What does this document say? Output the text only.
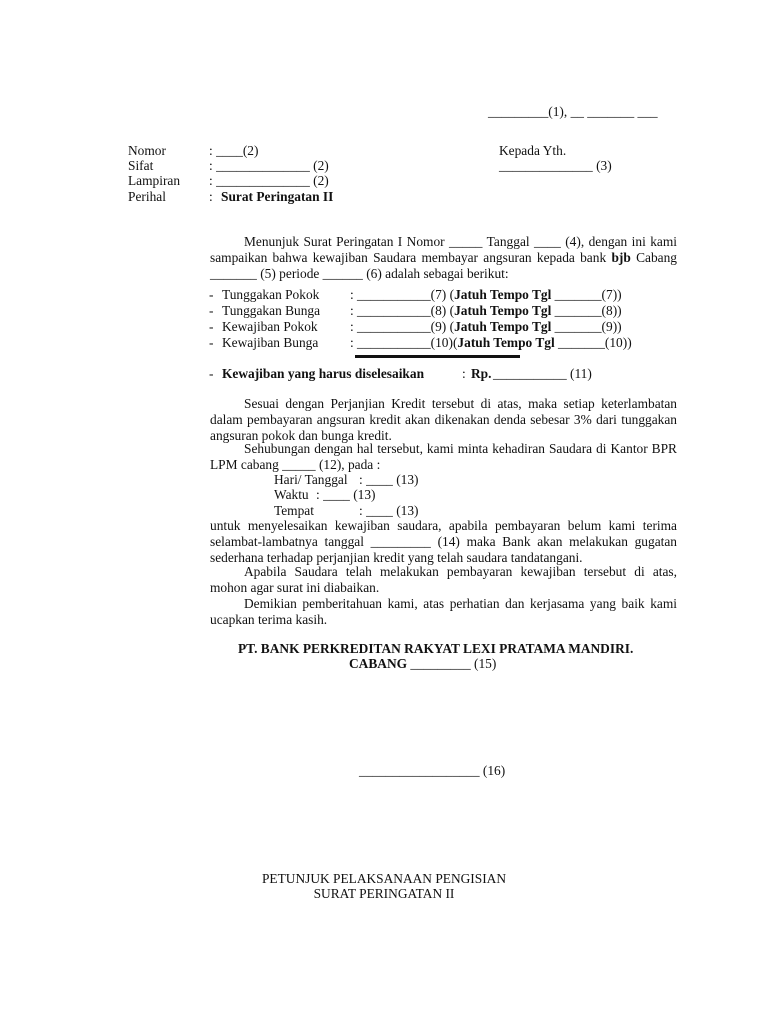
_________(1), __ _______ ___
Nomor	: ____(2)	Kepada Yth.
Sifat	: ______________ (2)	______________ (3)
Lampiran : ______________ (2)
Perihal	: Surat Peringatan II
Menunjuk Surat Peringatan I Nomor _____ Tanggal ____ (4), dengan ini kami sampaikan bahwa kewajiban Saudara membayar angsuran kepada bank bjb Cabang _______ (5) periode ______ (6) adalah sebagai berikut:
- Tunggakan Pokok : ___________(7) (Jatuh Tempo Tgl _______(7))
- Tunggakan Bunga : ___________(8) (Jatuh Tempo Tgl _______(8))
- Kewajiban Pokok : ___________(9) (Jatuh Tempo Tgl _______(9))
- Kewajiban Bunga : ___________(10)(Jatuh Tempo Tgl _______(10))
- Kewajiban yang harus diselesaikan	: Rp. ___________ (11)
Sesuai dengan Perjanjian Kredit tersebut di atas, maka setiap keterlambatan dalam pembayaran angsuran kredit akan dikenakan denda sebesar 3% dari tunggakan angsuran pokok dan bunga kredit.
Sehubungan dengan hal tersebut, kami minta kehadiran Saudara di Kantor BPR LPM cabang _____ (12), pada :
Hari/ Tanggal : ____ (13)
Waktu : ____ (13)
Tempat	: ____ (13)
untuk menyelesaikan kewajiban saudara, apabila pembayaran belum kami terima selambat-lambatnya tanggal _________ (14) maka Bank akan melakukan gugatan sederhana terhadap perjanjian kredit yang telah saudara tandatangani.
Apabila Saudara telah melakukan pembayaran kewajiban tersebut di atas, mohon agar surat ini diabaikan.
Demikian pemberitahuan kami, atas perhatian dan kerjasama yang baik kami ucapkan terima kasih.
PT. BANK PERKREDITAN RAKYAT LEXI PRATAMA MANDIRI.
CABANG _________ (15)
__________________ (16)
PETUNJUK PELAKSANAAN PENGISIAN
SURAT PERINGATAN II
